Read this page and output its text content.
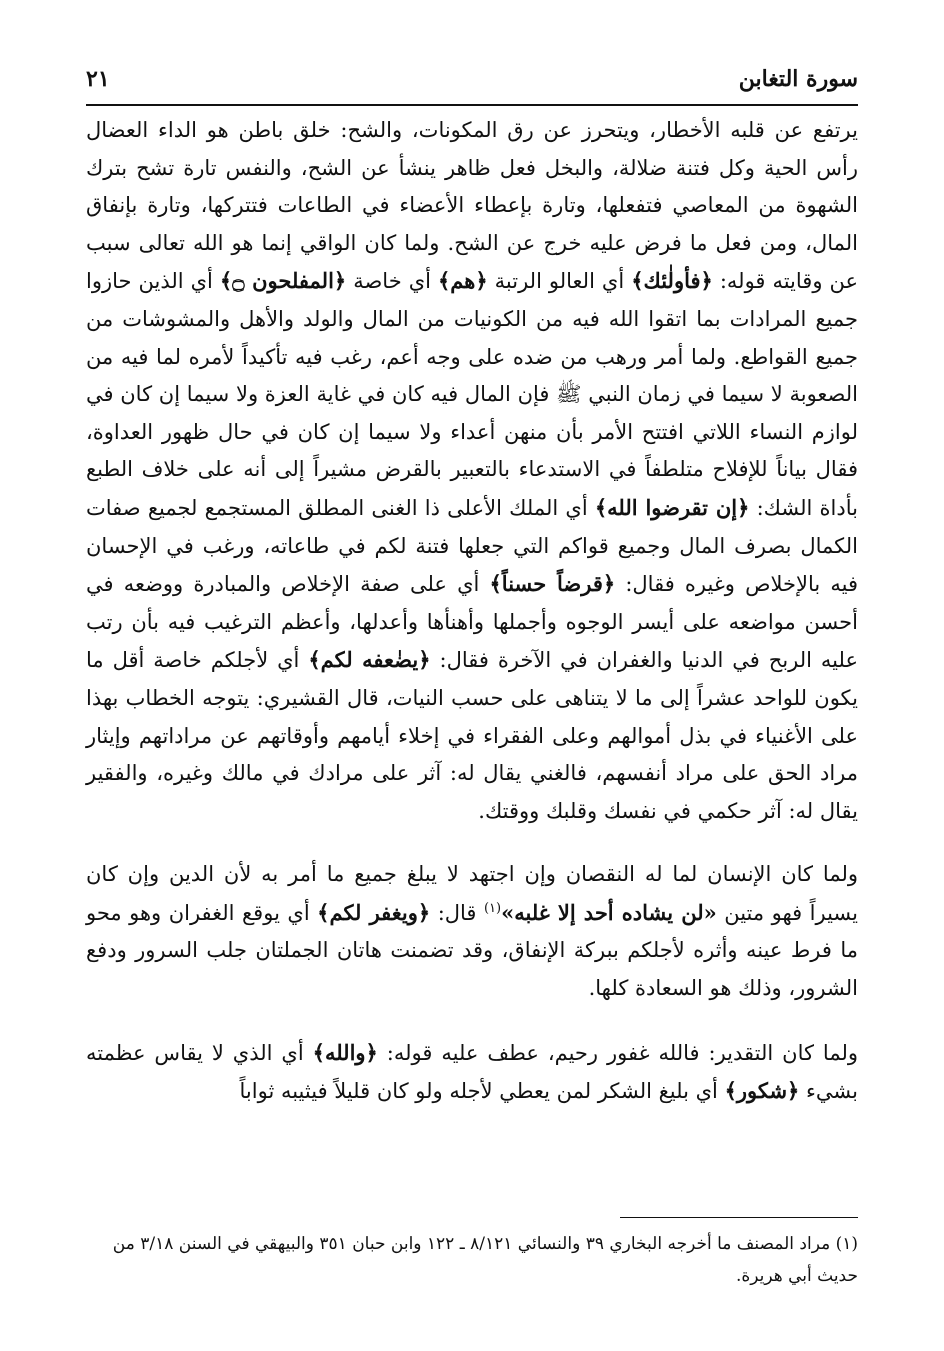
سورة التغابن
٢١

يرتفع عن قلبه الأخطار، ويتحرز عن رق المكونات، والشح: خلق باطن هو الداء العضال رأس الحية وكل فتنة ضلالة، والبخل فعل ظاهر ينشأ عن الشح، والنفس تارة تشح بترك الشهوة من المعاصي فتفعلها، وتارة بإعطاء الأعضاء في الطاعات فتتركها، وتارة بإنفاق المال، ومن فعل ما فرض عليه خرج عن الشح. ولما كان الواقي إنما هو الله تعالى سبب عن وقايته قوله: ﴿فأولٰئك﴾ أي العالو الرتبة ﴿هم﴾ أي خاصة ﴿المفلحون ۝﴾ أي الذين حازوا جميع المرادات بما اتقوا الله فيه من الكونيات من المال والولد والأهل والمشوشات من جميع القواطع. ولما أمر ورهب من ضده على وجه أعم، رغب فيه تأكيداً لأمره لما فيه من الصعوبة لا سيما في زمان النبي ﷺ فإن المال فيه كان في غاية العزة ولا سيما إن كان في لوازم النساء اللاتي افتتح الأمر بأن منهن أعداء ولا سيما إن كان في حال ظهور العداوة، فقال بياناً للإفلاح متلطفاً في الاستدعاء بالتعبير بالقرض مشيراً إلى أنه على خلاف الطبع بأداة الشك: ﴿إن تقرضوا الله﴾ أي الملك الأعلى ذا الغنى المطلق المستجمع لجميع صفات الكمال بصرف المال وجميع قواكم التي جعلها فتنة لكم في طاعاته، ورغب في الإحسان فيه بالإخلاص وغيره فقال: ﴿قرضاً حسناً﴾ أي على صفة الإخلاص والمبادرة ووضعه في أحسن مواضعه على أيسر الوجوه وأجملها وأهنأها وأعدلها، وأعظم الترغيب فيه بأن رتب عليه الربح في الدنيا والغفران في الآخرة فقال: ﴿يضٰعفه لكم﴾ أي لأجلكم خاصة أقل ما يكون للواحد عشراً إلى ما لا يتناهى على حسب النيات، قال القشيري: يتوجه الخطاب بهذا على الأغنياء في بذل أموالهم وعلى الفقراء في إخلاء أيامهم وأوقاتهم عن مراداتهم وإيثار مراد الحق على مراد أنفسهم، فالغني يقال له: آثر على مرادك في مالك وغيره، والفقير يقال له: آثر حكمي في نفسك وقلبك ووقتك.

ولما كان الإنسان لما له النقصان وإن اجتهد لا يبلغ جميع ما أمر به لأن الدين وإن كان يسيراً فهو متين «لن يشاده أحد إلا غلبه»$^{(١)}$ قال: ﴿ويغفر لكم﴾ أي يوقع الغفران وهو محو ما فرط عينه وأثره لأجلكم ببركة الإنفاق، وقد تضمنت هاتان الجملتان جلب السرور ودفع الشرور، وذلك هو السعادة كلها.

ولما كان التقدير: فالله غفور رحيم، عطف عليه قوله: ﴿والله﴾ أي الذي لا يقاس عظمته بشيء ﴿شكور﴾ أي بليغ الشكر لمن يعطي لأجله ولو كان قليلاً فيثيبه ثواباً

(١) مراد المصنف ما أخرجه البخاري ٣٩ والنسائي ٨/١٢١ ـ ١٢٢ وابن حبان ٣٥١ والبيهقي في السنن ٣/١٨ من حديث أبي هريرة.
